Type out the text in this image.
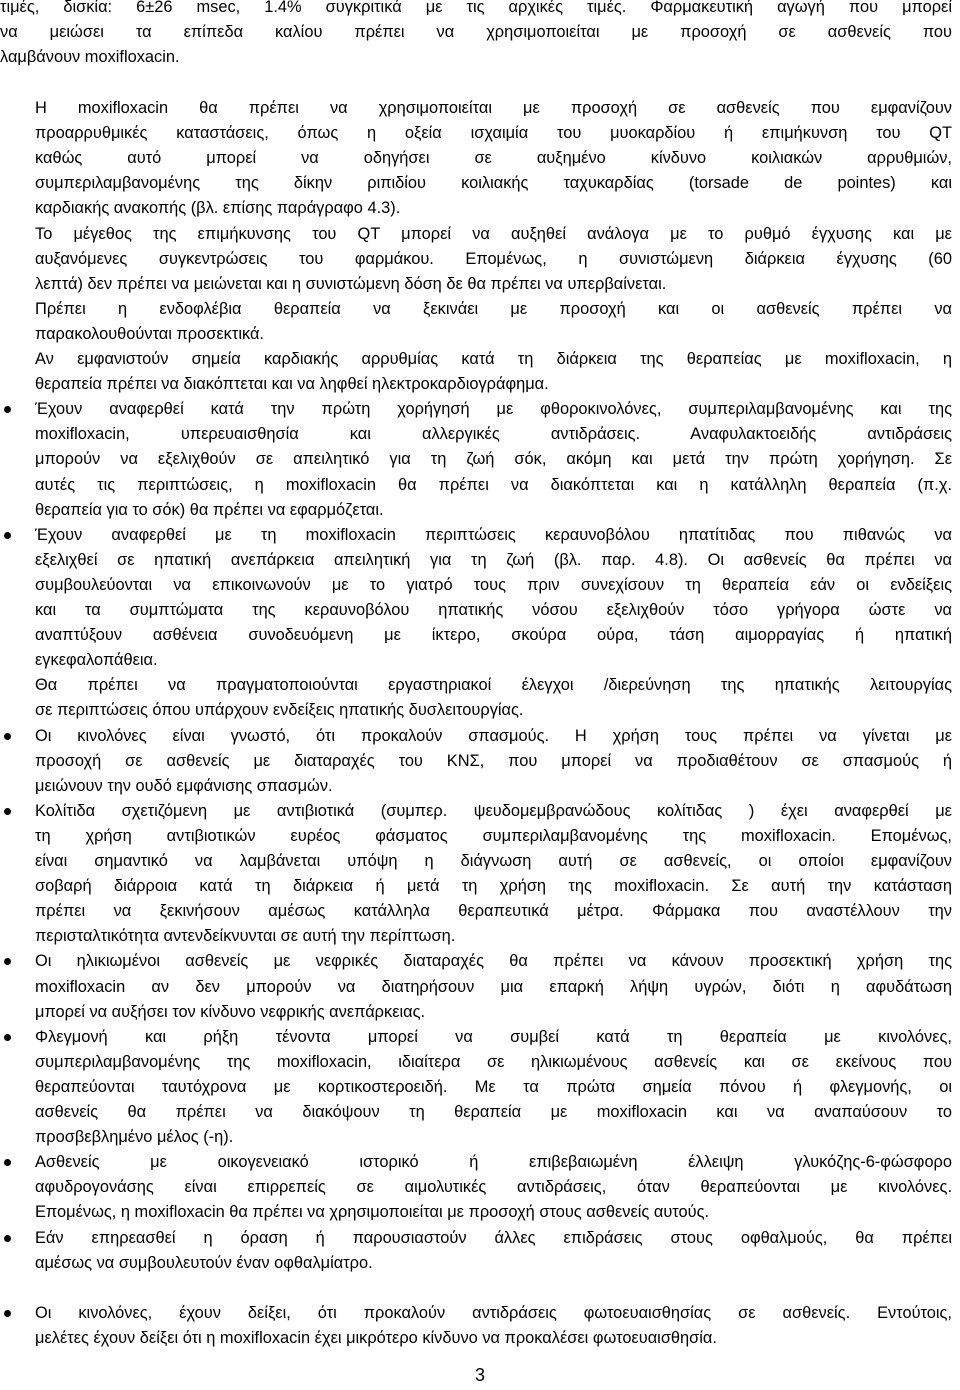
τιμές, δισκία: 6±26 msec, 1.4% συγκριτικά με τις αρχικές τιμές. Φαρμακευτική αγωγή που μπορεί
να μειώσει τα επίπεδα καλίου πρέπει να χρησιμοποιείται με προσοχή σε ασθενείς που
λαμβάνουν moxifloxacin.
Η moxifloxacin θα πρέπει να χρησιμοποιείται με προσοχή σε ασθενείς που εμφανίζουν
προαρρυθμικές καταστάσεις, όπως η οξεία ισχαιμία του μυοκαρδίου ή επιμήκυνση του QT
καθώς αυτό μπορεί να οδηγήσει σε αυξημένο κίνδυνο κοιλιακών αρρυθμιών,
συμπεριλαμβανομένης της δίκην ριπιδίου κοιλιακής ταχυκαρδίας (torsade de pointes) και
καρδιακής ανακοπής (βλ. επίσης παράγραφο 4.3).
Το μέγεθος της επιμήκυνσης του QT μπορεί να αυξηθεί ανάλογα με το ρυθμό έγχυσης και με
αυξανόμενες συγκεντρώσεις του φαρμάκου. Επομένως, η συνιστώμενη διάρκεια έγχυσης (60
λεπτά) δεν πρέπει να μειώνεται και η συνιστώμενη δόση δε θα πρέπει να υπερβαίνεται.
Πρέπει η ενδοφλέβια θεραπεία να ξεκινάει με προσοχή και οι ασθενείς πρέπει να
παρακολουθούνται προσεκτικά.
Αν εμφανιστούν σημεία καρδιακής αρρυθμίας κατά τη διάρκεια της θεραπείας με moxifloxacin, η
θεραπεία πρέπει να διακόπτεται και να ληφθεί ηλεκτροκαρδιογράφημα.
Έχουν αναφερθεί κατά την πρώτη χορήγησή με φθοροκινολόνες, συμπεριλαμβανομένης και της
moxifloxacin, υπερευαισθησία και αλλεργικές αντιδράσεις. Αναφυλακτοειδής αντιδράσεις
μπορούν να εξελιχθούν σε απειλητικό για τη ζωή σόκ, ακόμη και μετά την πρώτη χορήγηση. Σε
αυτές τις περιπτώσεις, η moxifloxacin θα πρέπει να διακόπτεται και η κατάλληλη θεραπεία (π.χ.
θεραπεία για το σόκ) θα πρέπει να εφαρμόζεται.
Έχουν αναφερθεί με τη moxifloxacin περιπτώσεις κεραυνοβόλου ηπατίτιδας που πιθανώς να
εξελιχθεί σε ηπατική ανεπάρκεια απειλητική για τη ζωή (βλ. παρ. 4.8). Οι ασθενείς θα πρέπει να
συμβουλεύονται να επικοινωνούν με το γιατρό τους πριν συνεχίσουν τη θεραπεία εάν οι ενδείξεις
και τα συμπτώματα της κεραυνοβόλου ηπατικής νόσου εξελιχθούν τόσο γρήγορα ώστε να
αναπτύξουν ασθένεια συνοδευόμενη με ίκτερο, σκούρα ούρα, τάση αιμορραγίας ή ηπατική
εγκεφαλοπάθεια.
Θα πρέπει να πραγματοποιούνται εργαστηριακοί έλεγχοι /διερεύνηση της ηπατικής λειτουργίας
σε περιπτώσεις όπου υπάρχουν ενδείξεις ηπατικής δυσλειτουργίας.
Οι κινολόνες είναι γνωστό, ότι προκαλούν σπασμούς. Η χρήση τους πρέπει να γίνεται με
προσοχή σε ασθενείς με διαταραχές του ΚΝΣ, που μπορεί να προδιαθέτουν σε σπασμούς ή
μειώνουν την ουδό εμφάνισης σπασμών.
Κολίτιδα σχετιζόμενη με αντιβιοτικά (συμπερ. ψευδομεμβρανώδους κολίτιδας ) έχει αναφερθεί με
τη χρήση αντιβιοτικών ευρέος φάσματος συμπεριλαμβανομένης της moxifloxacin. Επομένως,
είναι σημαντικό να λαμβάνεται υπόψη η διάγνωση αυτή σε ασθενείς, οι οποίοι εμφανίζουν
σοβαρή διάρροια κατά τη διάρκεια ή μετά τη χρήση της moxifloxacin. Σε αυτή την κατάσταση
πρέπει να ξεκινήσουν αμέσως κατάλληλα θεραπευτικά μέτρα. Φάρμακα που αναστέλλουν την
περισταλτικότητα αντενδείκνυνται σε αυτή την περίπτωση.
Οι ηλικιωμένοι ασθενείς με νεφρικές διαταραχές θα πρέπει να κάνουν προσεκτική χρήση της
moxifloxacin αν δεν μπορούν να διατηρήσουν μια επαρκή λήψη υγρών, διότι η αφυδάτωση
μπορεί να αυξήσει τον κίνδυνο νεφρικής ανεπάρκειας.
Φλεγμονή και ρήξη τένοντα μπορεί να συμβεί κατά τη θεραπεία με κινολόνες,
συμπεριλαμβανομένης της moxifloxacin, ιδιαίτερα σε ηλικιωμένους ασθενείς και σε εκείνους που
θεραπεύονται ταυτόχρονα με κορτικοστεροειδή. Με τα πρώτα σημεία πόνου ή φλεγμονής, οι
ασθενείς θα πρέπει να διακόψουν τη θεραπεία με moxifloxacin και να αναπαύσουν το
προσβεβλημένο μέλος (-η).
Ασθενείς με οικογενειακό ιστορικό ή επιβεβαιωμένη έλλειψη γλυκόζης-6-φώσφορο
αφυδρογονάσης είναι επιρρεπείς σε αιμολυτικές αντιδράσεις, όταν θεραπεύονται με κινολόνες.
Επομένως, η moxifloxacin θα πρέπει να χρησιμοποιείται με προσοχή στους ασθενείς αυτούς.
Εάν επηρεασθεί η όραση ή παρουσιαστούν άλλες επιδράσεις στους οφθαλμούς, θα πρέπει
αμέσως να συμβουλευτούν έναν οφθαλμίατρο.
Οι κινολόνες, έχουν δείξει, ότι προκαλούν αντιδράσεις φωτοευαισθησίας σε ασθενείς. Εντούτοις,
μελέτες έχουν δείξει ότι η moxifloxacin έχει μικρότερο κίνδυνο να προκαλέσει φωτοευαισθησία.
3
